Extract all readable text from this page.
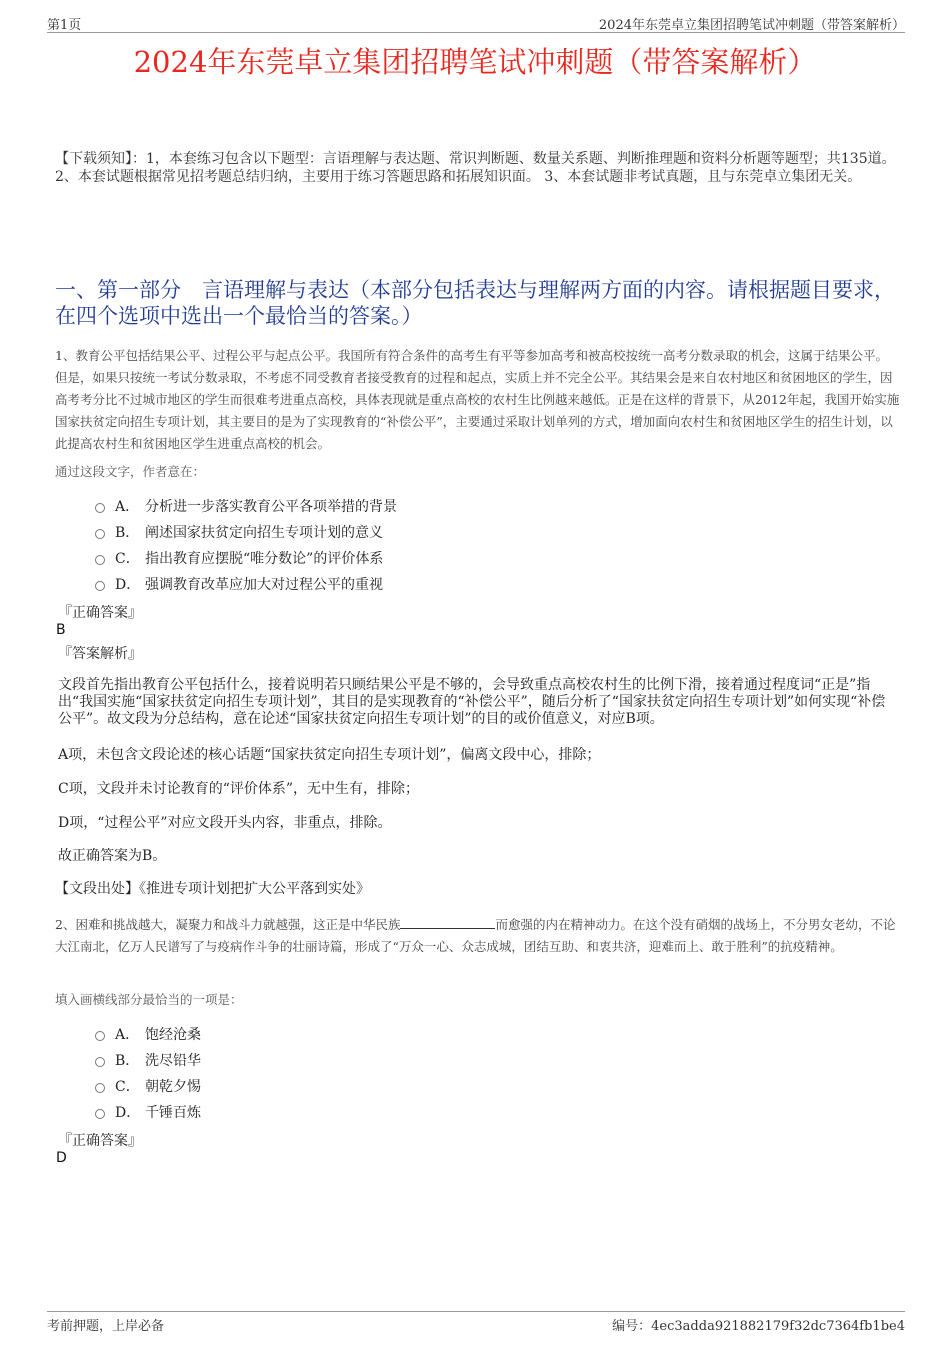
第1页	2024年东莞卓立集团招聘笔试冲刺题（带答案解析）
2024年东莞卓立集团招聘笔试冲刺题（带答案解析）
【下载须知】：1，本套练习包含以下题型：言语理解与表达题、常识判断题、数量关系题、判断推理题和资料分析题等题型；共135道。 2、本套试题根据常见招考题总结归纳，主要用于练习答题思路和拓展知识面。 3、本套试题非考试真题，且与东莞卓立集团无关。
一、第一部分　言语理解与表达（本部分包括表达与理解两方面的内容。请根据题目要求，在四个选项中选出一个最恰当的答案。）
1、教育公平包括结果公平、过程公平与起点公平。我国所有符合条件的高考生有平等参加高考和被高校按统一高考分数录取的机会，这属于结果公平。但是，如果只按统一考试分数录取，不考虑不同受教育者接受教育的过程和起点，实质上并不完全公平。其结果会是来自农村地区和贫困地区的学生，因高考考分比不过城市地区的学生而很难考进重点高校，具体表现就是重点高校的农村生比例越来越低。正是在这样的背景下，从2012年起，我国开始实施国家扶贫定向招生专项计划，其主要目的是为了实现教育的“补偿公平”，主要通过采取计划单列的方式，增加面向农村生和贫困地区学生的招生计划，以此提高农村生和贫困地区学生进重点高校的机会。
通过这段文字，作者意在：
A． 分析进一步落实教育公平各项举措的背景
B． 阐述国家扶贫定向招生专项计划的意义
C． 指出教育应摆脱“唯分数论”的评价体系
D． 强调教育改革应加大对过程公平的重视
『正确答案』
B
『答案解析』
文段首先指出教育公平包括什么，接着说明若只顾结果公平是不够的，会导致重点高校农村生的比例下滑，接着通过程度词“正是”指出“我国实施“国家扶贫定向招生专项计划”，其目的是实现教育的“补偿公平”，随后分析了“国家扶贫定向招生专项计划”如何实现“补偿公平”。故文段为分总结构，意在论述“国家扶贫定向招生专项计划”的目的或价值意义，对应B项。
A项，未包含文段论述的核心话题“国家扶贫定向招生专项计划”，偏离文段中心，排除；
C项，文段并未讨论教育的“评价体系”，无中生有，排除；
D项，“过程公平”对应文段开头内容，非重点，排除。
故正确答案为B。
【文段出处】《推进专项计划把扩大公平落到实处》
2、困难和挑战越大，凝聚力和战斗力就越强，这正是中华民族	而愈强的内在精神动力。在这个没有硝烟的战场上，不分男女老幼，不论大江南北，亿万人民谱写了与疫病作斗争的壮丽诗篇，形成了“万众一心、众志成城，团结互助、和衷共济，迎难而上、敢于胜利”的抗疫精神。
填入画横线部分最恰当的一项是：
A． 饱经沧桑
B． 洗尽铅华
C． 朝乾夕惕
D． 千锤百炼
『正确答案』
D
考前押题，上岸必备	编号：4ec3adda921882179f32dc7364fb1be4
